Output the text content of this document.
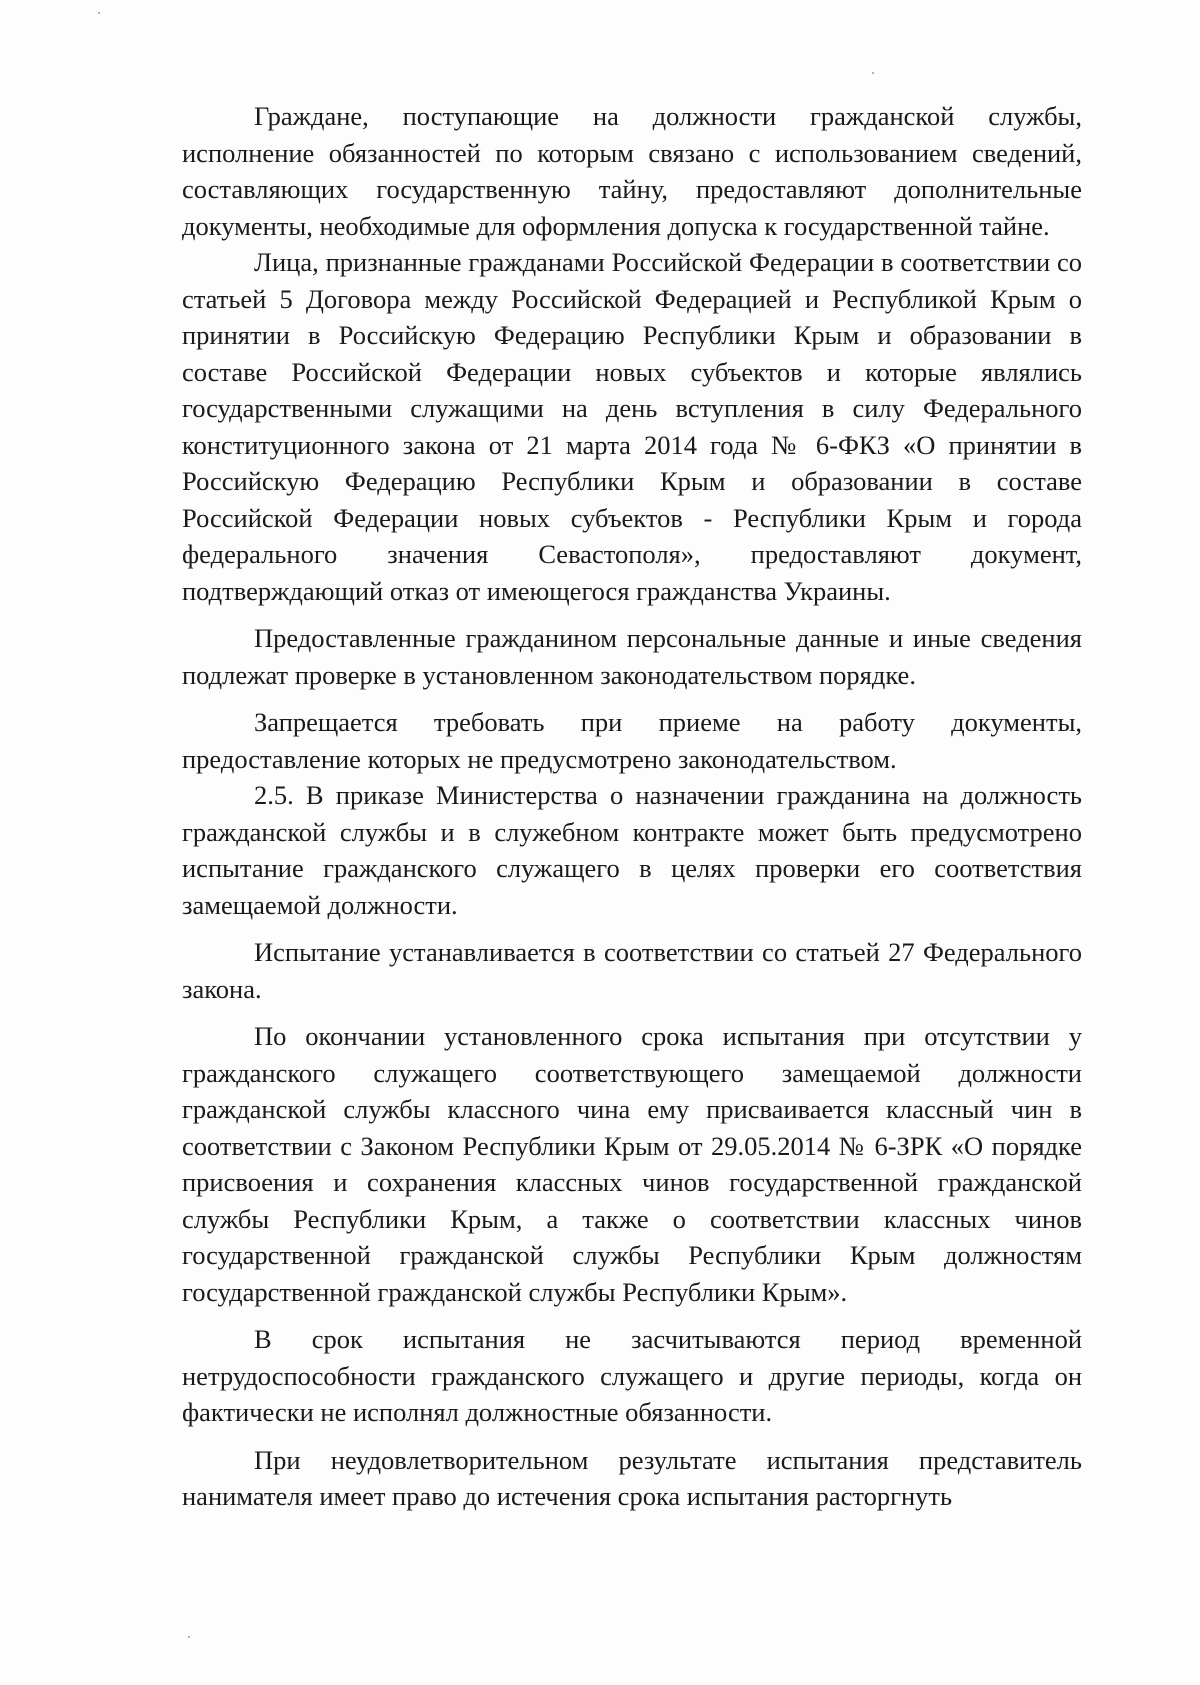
Граждане, поступающие на должности гражданской службы, исполнение обязанностей по которым связано с использованием сведений, составляющих государственную тайну, предоставляют дополнительные документы, необходимые для оформления допуска к государственной тайне.

Лица, признанные гражданами Российской Федерации в соответствии со статьей 5 Договора между Российской Федерацией и Республикой Крым о принятии в Российскую Федерацию Республики Крым и образовании в составе Российской Федерации новых субъектов и которые являлись государственными служащими на день вступления в силу Федерального конституционного закона от 21 марта 2014 года № 6-ФКЗ «О принятии в Российскую Федерацию Республики Крым и образовании в составе Российской Федерации новых субъектов - Республики Крым и города федерального значения Севастополя», предоставляют документ, подтверждающий отказ от имеющегося гражданства Украины.

Предоставленные гражданином персональные данные и иные сведения подлежат проверке в установленном законодательством порядке.

Запрещается требовать при приеме на работу документы, предоставление которых не предусмотрено законодательством.

2.5. В приказе Министерства о назначении гражданина на должность гражданской службы и в служебном контракте может быть предусмотрено испытание гражданского служащего в целях проверки его соответствия замещаемой должности.

Испытание устанавливается в соответствии со статьей 27 Федерального закона.

По окончании установленного срока испытания при отсутствии у гражданского служащего соответствующего замещаемой должности гражданской службы классного чина ему присваивается классный чин в соответствии с Законом Республики Крым от 29.05.2014 № 6-ЗРК «О порядке присвоения и сохранения классных чинов государственной гражданской службы Республики Крым, а также о соответствии классных чинов государственной гражданской службы Республики Крым должностям государственной гражданской службы Республики Крым».

В срок испытания не засчитываются период временной нетрудоспособности гражданского служащего и другие периоды, когда он фактически не исполнял должностные обязанности.

При неудовлетворительном результате испытания представитель нанимателя имеет право до истечения срока испытания расторгнуть
